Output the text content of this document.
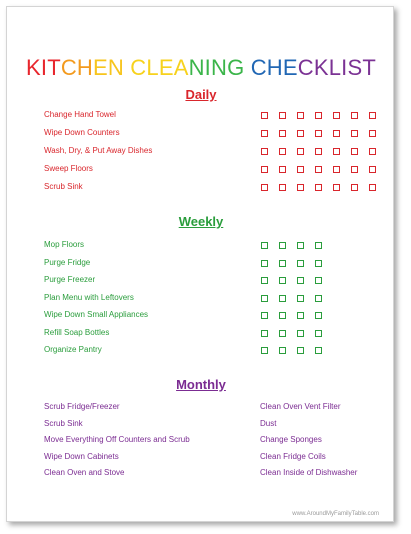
KITCHEN CLEANING CHECKLIST
Daily
Change Hand Towel
Wipe Down Counters
Wash, Dry, & Put Away Dishes
Sweep Floors
Scrub Sink
Weekly
Mop Floors
Purge Fridge
Purge Freezer
Plan Menu with Leftovers
Wipe Down Small Appliances
Refill Soap Bottles
Organize Pantry
Monthly
Scrub Fridge/Freezer
Scrub Sink
Move Everything Off Counters and Scrub
Wipe Down Cabinets
Clean Oven and Stove
Clean Oven Vent Filter
Dust
Change Sponges
Clean Fridge Coils
Clean Inside of Dishwasher
www.AroundMyFamilyTable.com
